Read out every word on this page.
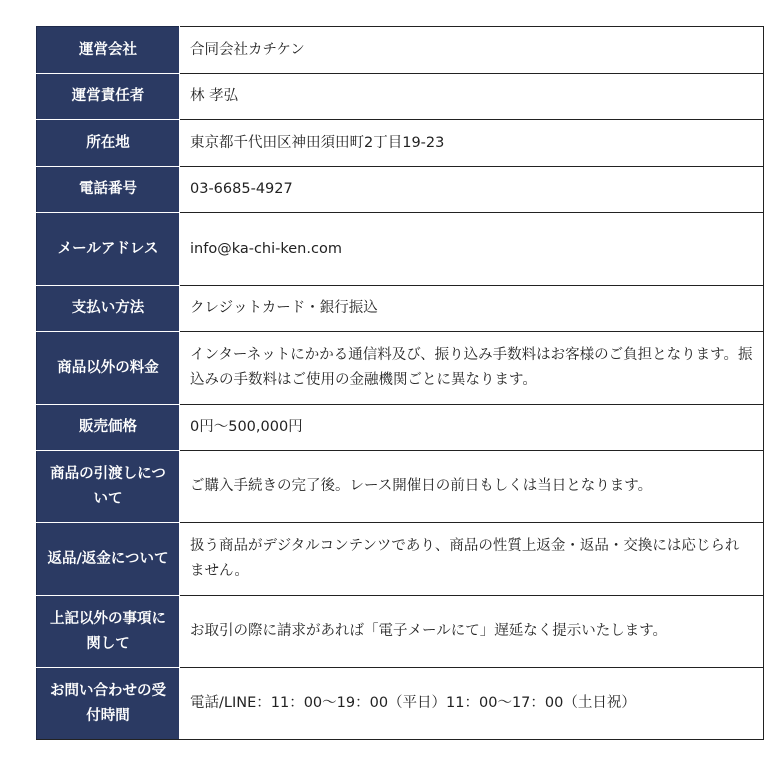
運営会社	合同会社カチケン
運営責任者	林 孝弘
所在地	東京都千代田区神田須田町2丁目19-23
電話番号	03-6685-4927
メールアドレス	info@ka-chi-ken.com
支払い方法	クレジットカード・銀行振込
商品以外の料金	インターネットにかかる通信料及び、振り込み手数料はお客様のご負担となります。振込みの手数料はご使用の金融機関ごとに異なります。
販売価格	0円～500,000円
商品の引渡しについて	ご購入手続きの完了後。レース開催日の前日もしくは当日となります。
返品/返金について	扱う商品がデジタルコンテンツであり、商品の性質上返金・返品・交換には応じられません。
上記以外の事項に関して	お取引の際に請求があれば「電子メールにて」遅延なく提示いたします。
お問い合わせの受付時間	電話/LINE：11：00～19：00（平日）11：00～17：00（土日祝）
